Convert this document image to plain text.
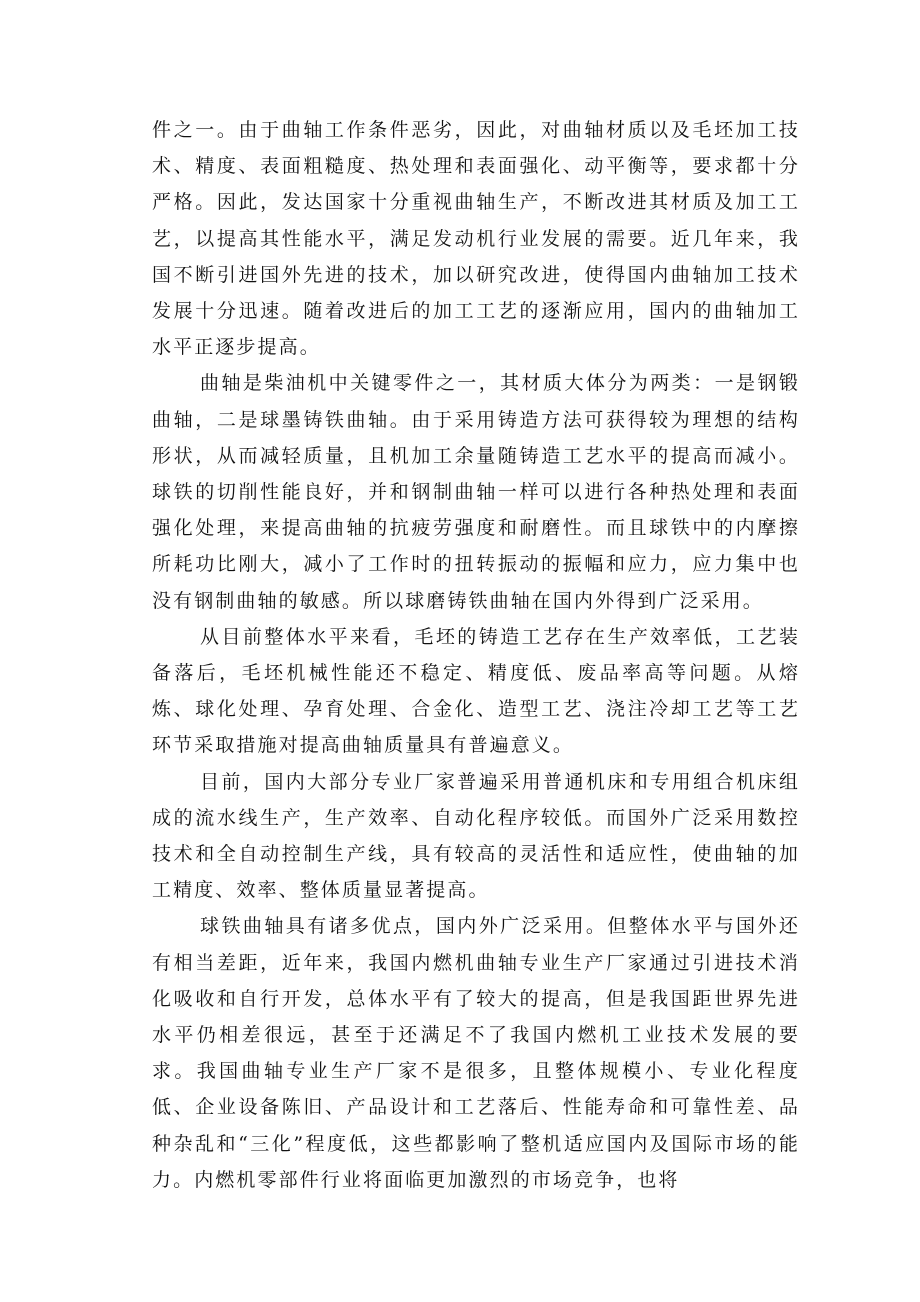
件之一。由于曲轴工作条件恶劣，因此，对曲轴材质以及毛坯加工技术、精度、表面粗糙度、热处理和表面强化、动平衡等，要求都十分严格。因此，发达国家十分重视曲轴生产，不断改进其材质及加工工艺，以提高其性能水平，满足发动机行业发展的需要。近几年来，我国不断引进国外先进的技术，加以研究改进，使得国内曲轴加工技术发展十分迅速。随着改进后的加工工艺的逐渐应用，国内的曲轴加工水平正逐步提高。

曲轴是柴油机中关键零件之一，其材质大体分为两类：一是钢锻曲轴，二是球墨铸铁曲轴。由于采用铸造方法可获得较为理想的结构形状，从而减轻质量，且机加工余量随铸造工艺水平的提高而减小。球铁的切削性能良好，并和钢制曲轴一样可以进行各种热处理和表面强化处理，来提高曲轴的抗疲劳强度和耐磨性。而且球铁中的内摩擦所耗功比刚大，减小了工作时的扭转振动的振幅和应力，应力集中也没有钢制曲轴的敏感。所以球磨铸铁曲轴在国内外得到广泛采用。

从目前整体水平来看，毛坯的铸造工艺存在生产效率低，工艺装备落后，毛坯机械性能还不稳定、精度低、废品率高等问题。从熔炼、球化处理、孕育处理、合金化、造型工艺、浇注冷却工艺等工艺环节采取措施对提高曲轴质量具有普遍意义。

目前，国内大部分专业厂家普遍采用普通机床和专用组合机床组成的流水线生产，生产效率、自动化程序较低。而国外广泛采用数控技术和全自动控制生产线，具有较高的灵活性和适应性，使曲轴的加工精度、效率、整体质量显著提高。

球铁曲轴具有诸多优点，国内外广泛采用。但整体水平与国外还有相当差距，近年来，我国内燃机曲轴专业生产厂家通过引进技术消化吸收和自行开发，总体水平有了较大的提高，但是我国距世界先进水平仍相差很远，甚至于还满足不了我国内燃机工业技术发展的要求。我国曲轴专业生产厂家不是很多，且整体规模小、专业化程度低、企业设备陈旧、产品设计和工艺落后、性能寿命和可靠性差、品种杂乱和“三化”程度低，这些都影响了整机适应国内及国际市场的能力。内燃机零部件行业将面临更加激烈的市场竞争，也将
